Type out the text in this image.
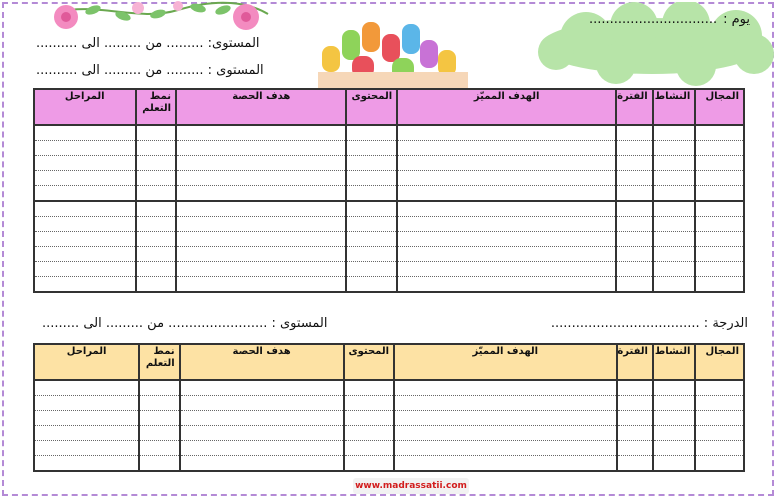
يوم :...............................
المستوى: ......... من ......... الى ..........
المستوى : ......... من ......... الى ..........
المجال	النشاط	الفترة	الهدف المميّز	المحتوى	هدف الحصة	نمط التعلم	المراحل

الدرجة : ....................................
المستوى : ........................ من ......... الى .........
المجال	النشاط	الفترة	الهدف المميّز	المحتوى	هدف الحصة	نمط التعلم	المراحل

www.madrassatii.com
